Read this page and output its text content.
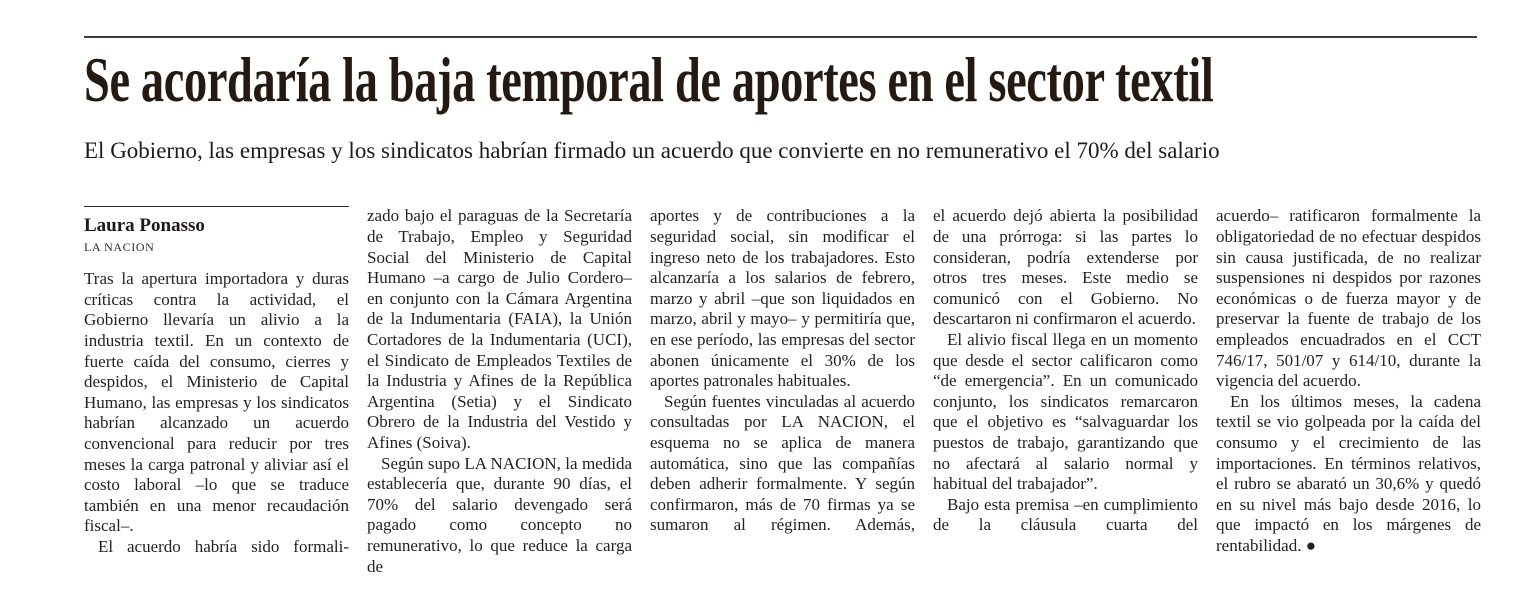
Se acordaría la baja temporal de aportes en el sector textil

El Gobierno, las empresas y los sindicatos habrían firmado un acuerdo que convierte en no remunerativo el 70% del salario

Laura Ponasso
LA NACION

Tras la apertura importadora y duras críticas contra la actividad, el Gobierno llevaría un alivio a la industria textil. En un contexto de fuerte caída del consumo, cierres y despidos, el Ministerio de Capital Humano, las empresas y los sindicatos habrían alcanzado un acuerdo convencional para reducir por tres meses la carga patronal y aliviar así el costo laboral –lo que se traduce también en una menor recaudación fiscal–.

El acuerdo habría sido formali-

zado bajo el paraguas de la Secretaría de Trabajo, Empleo y Seguridad Social del Ministerio de Capital Humano –a cargo de Julio Cordero– en conjunto con la Cámara Argentina de la Indumentaria (FAIA), la Unión Cortadores de la Indumentaria (UCI), el Sindicato de Empleados Textiles de la Industria y Afines de la República Argentina (Setia) y el Sindicato Obrero de la Industria del Vestido y Afines (Soiva).

Según supo LA NACION, la medida establecería que, durante 90 días, el 70% del salario devengado será pagado como concepto no remunerativo, lo que reduce la carga de

aportes y de contribuciones a la seguridad social, sin modificar el ingreso neto de los trabajadores. Esto alcanzaría a los salarios de febrero, marzo y abril –que son liquidados en marzo, abril y mayo– y permitiría que, en ese período, las empresas del sector abonen únicamente el 30% de los aportes patronales habituales.

Según fuentes vinculadas al acuerdo consultadas por LA NACION, el esquema no se aplica de manera automática, sino que las compañías deben adherir formalmente. Y según confirmaron, más de 70 firmas ya se sumaron al régimen. Además,

el acuerdo dejó abierta la posibilidad de una prórroga: si las partes lo consideran, podría extenderse por otros tres meses. Este medio se comunicó con el Gobierno. No descartaron ni confirmaron el acuerdo.

El alivio fiscal llega en un momento que desde el sector calificaron como “de emergencia”. En un comunicado conjunto, los sindicatos remarcaron que el objetivo es “salvaguardar los puestos de trabajo, garantizando que no afectará al salario normal y habitual del trabajador”.

Bajo esta premisa –en cumplimiento de la cláusula cuarta del

acuerdo– ratificaron formalmente la obligatoriedad de no efectuar despidos sin causa justificada, de no realizar suspensiones ni despidos por razones económicas o de fuerza mayor y de preservar la fuente de trabajo de los empleados encuadrados en el CCT 746/17, 501/07 y 614/10, durante la vigencia del acuerdo.

En los últimos meses, la cadena textil se vio golpeada por la caída del consumo y el crecimiento de las importaciones. En términos relativos, el rubro se abarató un 30,6% y quedó en su nivel más bajo desde 2016, lo que impactó en los márgenes de rentabilidad. ●
